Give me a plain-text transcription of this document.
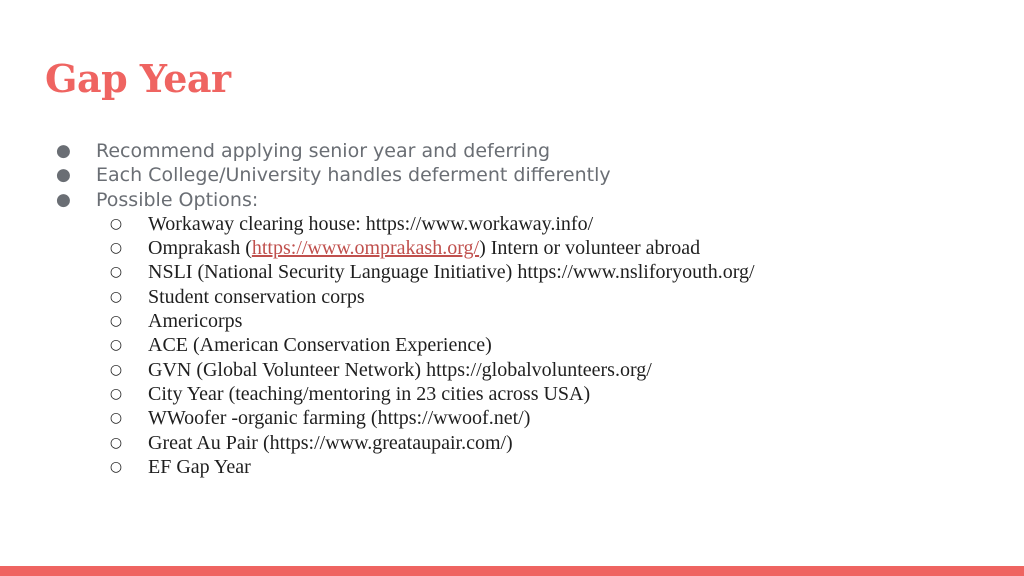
Gap Year
● Recommend applying senior year and deferring
● Each College/University handles deferment differently
● Possible Options:
○ Workaway clearing house: https://www.workaway.info/
○ Omprakash (https://www.omprakash.org/) Intern or volunteer abroad
○ NSLI (National Security Language Initiative) https://www.nsliforyouth.org/
○ Student conservation corps
○ Americorps
○ ACE (American Conservation Experience)
○ GVN (Global Volunteer Network) https://globalvolunteers.org/
○ City Year (teaching/mentoring in 23 cities across USA)
○ WWoofer -organic farming (https://wwoof.net/)
○ Great Au Pair (https://www.greataupair.com/)
○ EF Gap Year
